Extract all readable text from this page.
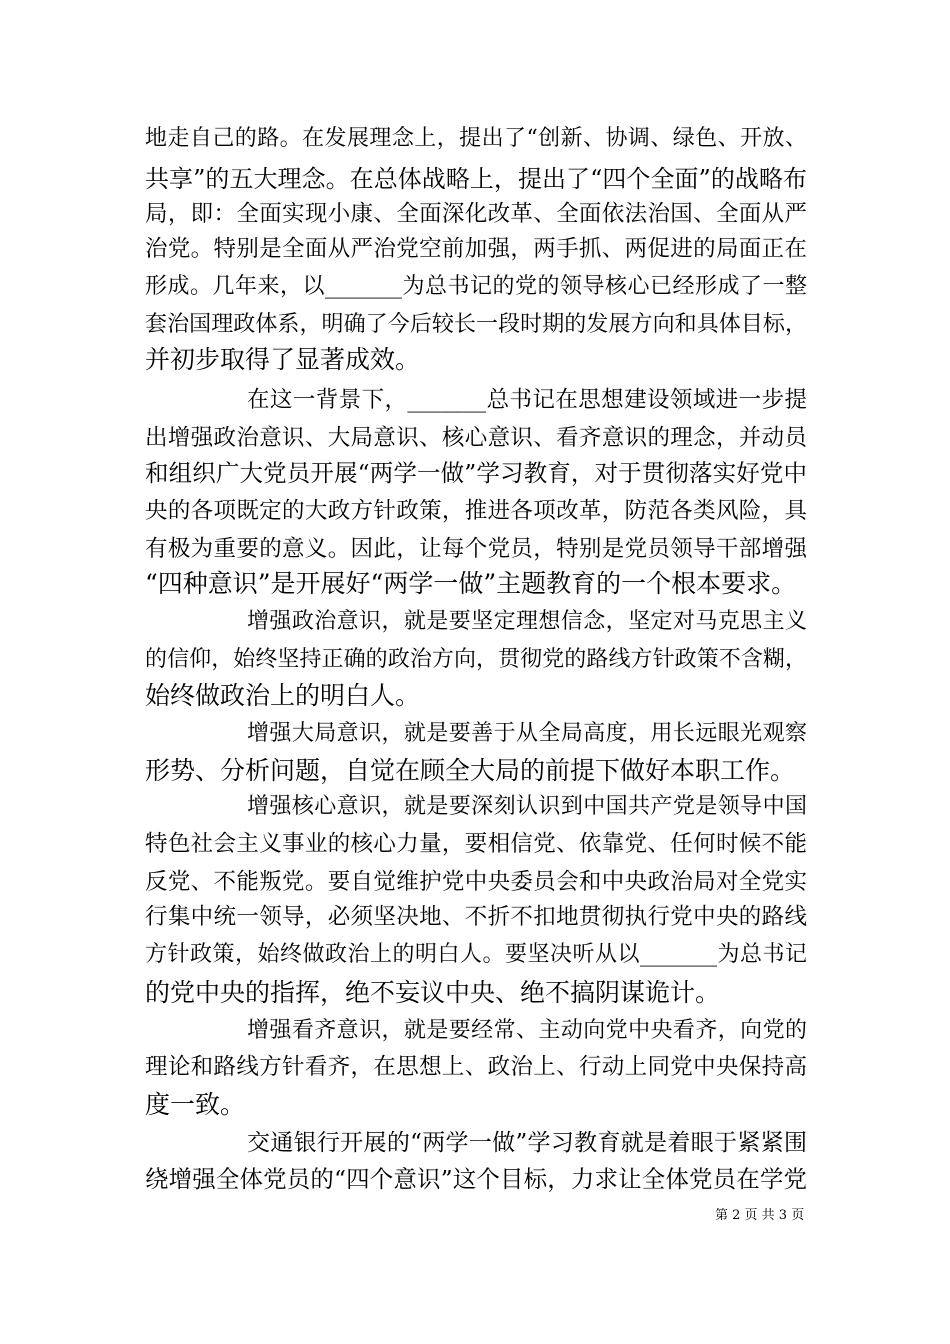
地走自己的路。在发展理念上，提出了“创新、协调、绿色、开放、
共享”的五大理念。在总体战略上，提出了“四个全面”的战略布
局，即：全面实现小康、全面深化改革、全面依法治国、全面从严
治党。特别是全面从严治党空前加强，两手抓、两促进的局面正在
形成。几年来，以_______为总书记的党的领导核心已经形成了一整
套治国理政体系，明确了今后较长一段时期的发展方向和具体目标，
并初步取得了显著成效。
在这一背景下，_______总书记在思想建设领域进一步提
出增强政治意识、大局意识、核心意识、看齐意识的理念，并动员
和组织广大党员开展“两学一做”学习教育，对于贯彻落实好党中
央的各项既定的大政方针政策，推进各项改革，防范各类风险，具
有极为重要的意义。因此，让每个党员，特别是党员领导干部增强
“四种意识”是开展好“两学一做”主题教育的一个根本要求。
增强政治意识，就是要坚定理想信念，坚定对马克思主义
的信仰，始终坚持正确的政治方向，贯彻党的路线方针政策不含糊，
始终做政治上的明白人。
增强大局意识，就是要善于从全局高度，用长远眼光观察
形势、分析问题，自觉在顾全大局的前提下做好本职工作。
增强核心意识，就是要深刻认识到中国共产党是领导中国
特色社会主义事业的核心力量，要相信党、依靠党、任何时候不能
反党、不能叛党。要自觉维护党中央委员会和中央政治局对全党实
行集中统一领导，必须坚决地、不折不扣地贯彻执行党中央的路线
方针政策，始终做政治上的明白人。要坚决听从以_______为总书记
的党中央的指挥，绝不妄议中央、绝不搞阴谋诡计。
增强看齐意识，就是要经常、主动向党中央看齐，向党的
理论和路线方针看齐，在思想上、政治上、行动上同党中央保持高
度一致。
交通银行开展的“两学一做”学习教育就是着眼于紧紧围
绕增强全体党员的“四个意识”这个目标，力求让全体党员在学党
第 2 页 共 3 页
